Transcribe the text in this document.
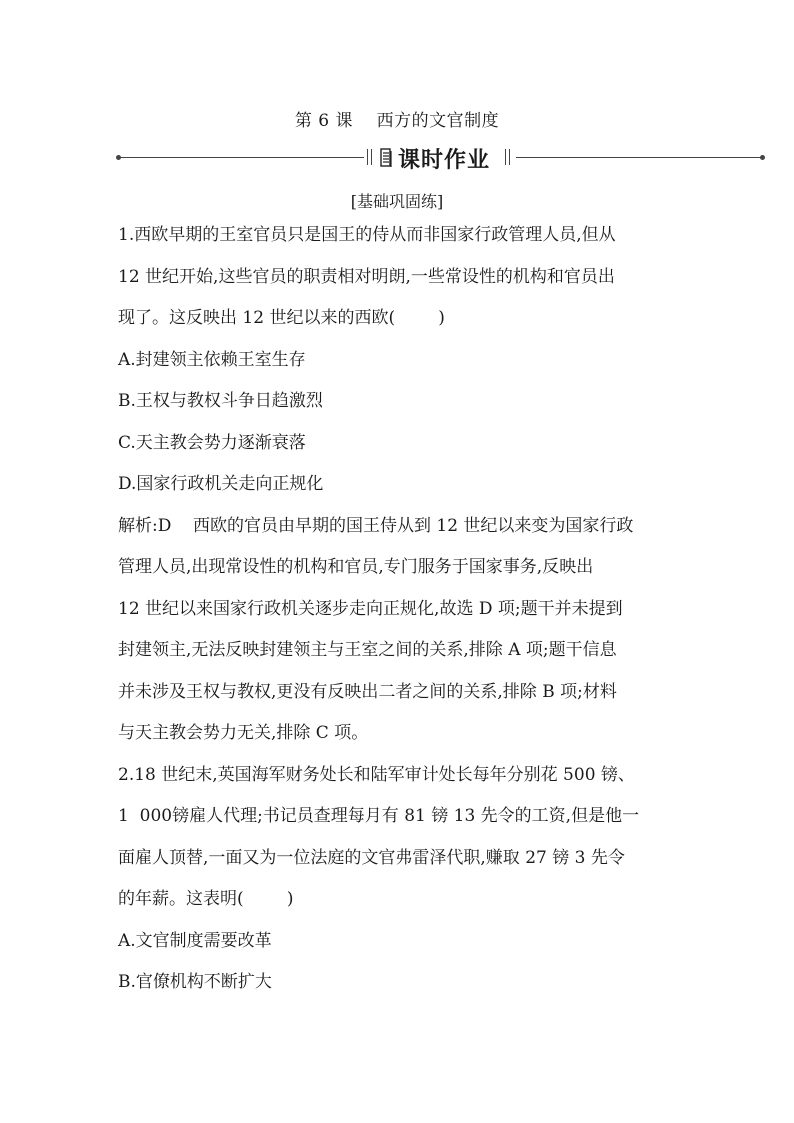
第 6 课    西方的文官制度
课时作业
[基础巩固练]
1.西欧早期的王室官员只是国王的侍从而非国家行政管理人员,但从
12 世纪开始,这些官员的职责相对明朗,一些常设性的机构和官员出
现了。这反映出 12 世纪以来的西欧(        )
A.封建领主依赖王室生存
B.王权与教权斗争日趋激烈
C.天主教会势力逐渐衰落
D.国家行政机关走向正规化
解析:D    西欧的官员由早期的国王侍从到 12 世纪以来变为国家行政
管理人员,出现常设性的机构和官员,专门服务于国家事务,反映出
12 世纪以来国家行政机关逐步走向正规化,故选 D 项;题干并未提到
封建领主,无法反映封建领主与王室之间的关系,排除 A 项;题干信息
并未涉及王权与教权,更没有反映出二者之间的关系,排除 B 项;材料
与天主教会势力无关,排除 C 项。
2.18 世纪末,英国海军财务处长和陆军审计处长每年分别花 500 镑、
1  000镑雇人代理;书记员查理每月有 81 镑 13 先令的工资,但是他一
面雇人顶替,一面又为一位法庭的文官弗雷泽代职,赚取 27 镑 3 先令
的年薪。这表明(        )
A.文官制度需要改革
B.官僚机构不断扩大
